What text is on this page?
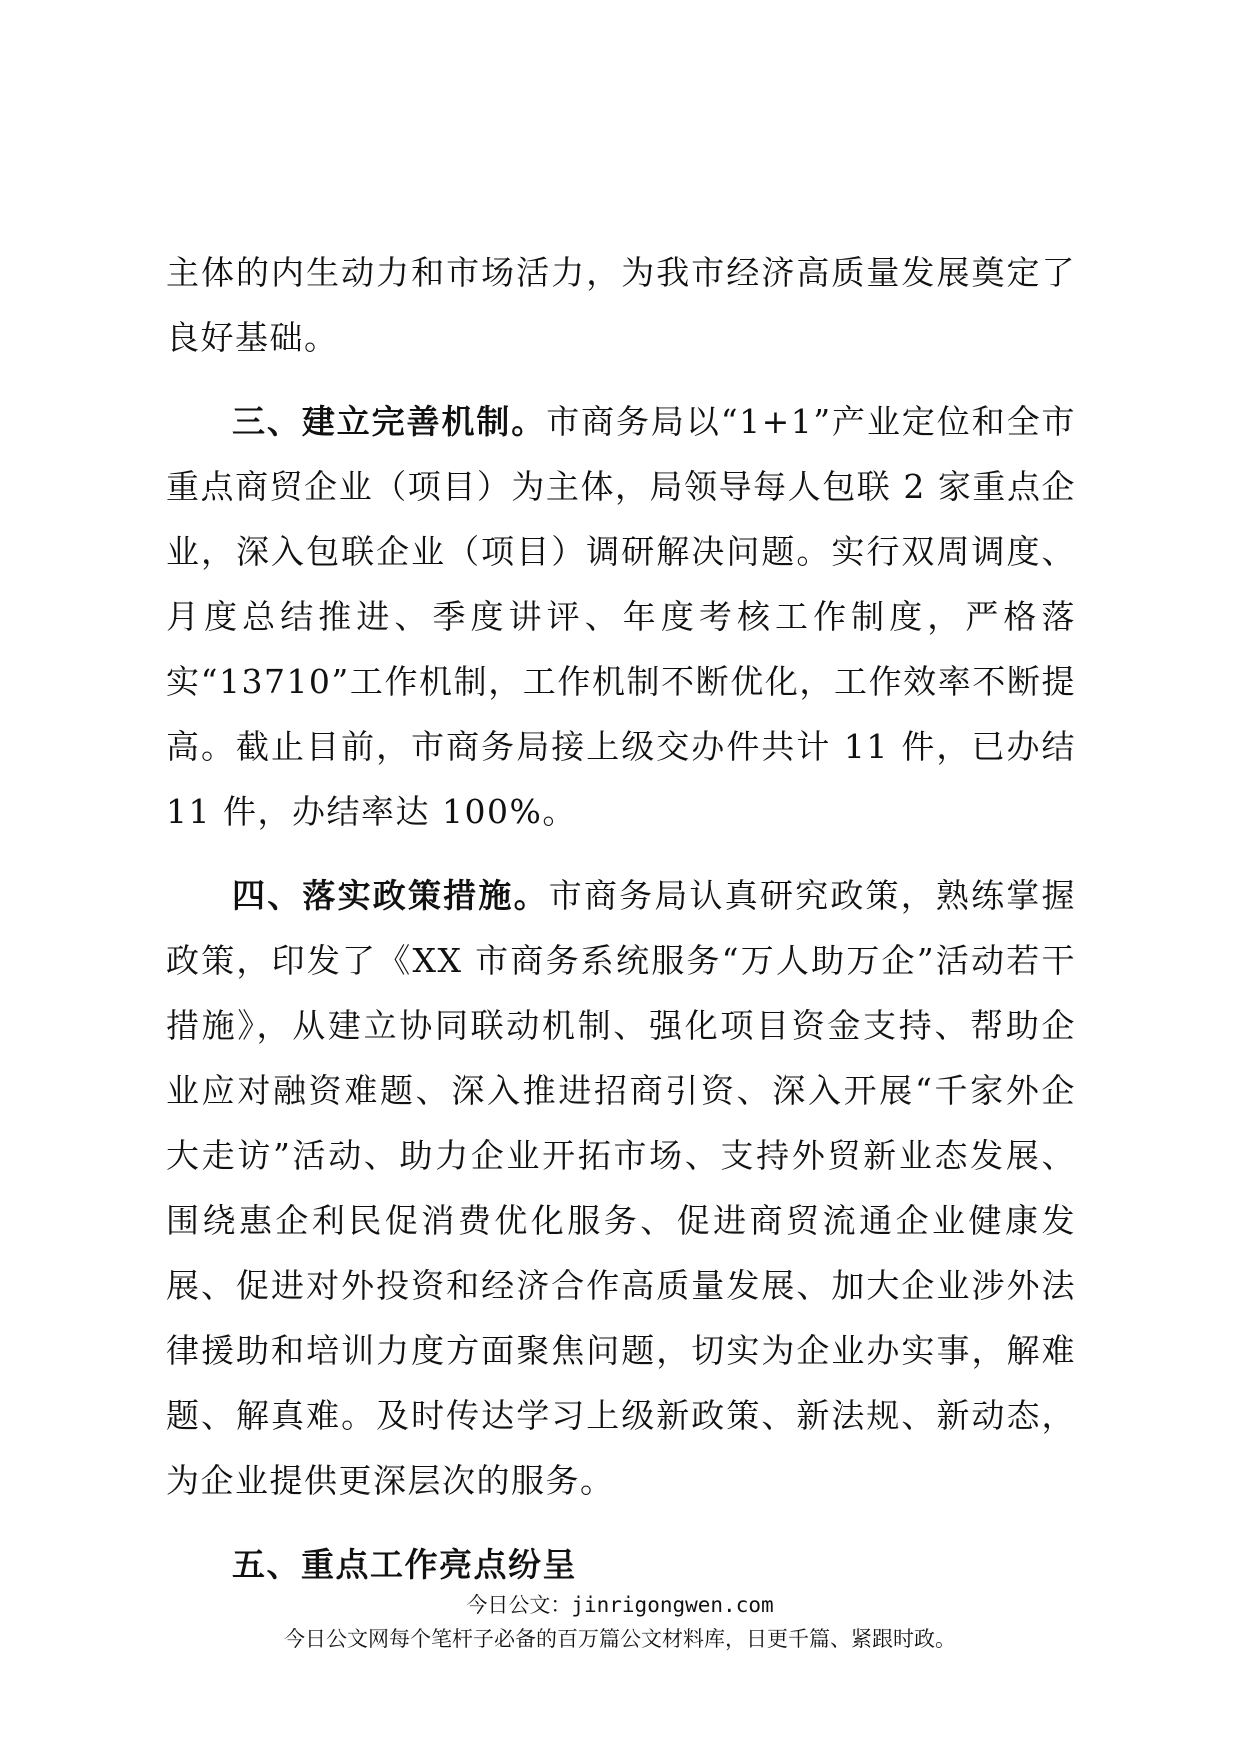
主体的内生动力和市场活力，为我市经济高质量发展奠定了良好基础。

三、建立完善机制。市商务局以“1+1”产业定位和全市重点商贸企业（项目）为主体，局领导每人包联 2 家重点企业，深入包联企业（项目）调研解决问题。实行双周调度、月度总结推进、季度讲评、年度考核工作制度，严格落实“13710”工作机制，工作机制不断优化，工作效率不断提高。截止目前，市商务局接上级交办件共计 11 件，已办结 11 件，办结率达 100%。

四、落实政策措施。市商务局认真研究政策，熟练掌握政策，印发了《XX 市商务系统服务“万人助万企”活动若干措施》，从建立协同联动机制、强化项目资金支持、帮助企业应对融资难题、深入推进招商引资、深入开展“千家外企大走访”活动、助力企业开拓市场、支持外贸新业态发展、围绕惠企利民促消费优化服务、促进商贸流通企业健康发展、促进对外投资和经济合作高质量发展、加大企业涉外法律援助和培训力度方面聚焦问题，切实为企业办实事，解难题、解真难。及时传达学习上级新政策、新法规、新动态，为企业提供更深层次的服务。

五、重点工作亮点纷呈

今日公文：jinrigongwen.com
今日公文网每个笔杆子必备的百万篇公文材料库，日更千篇、紧跟时政。
